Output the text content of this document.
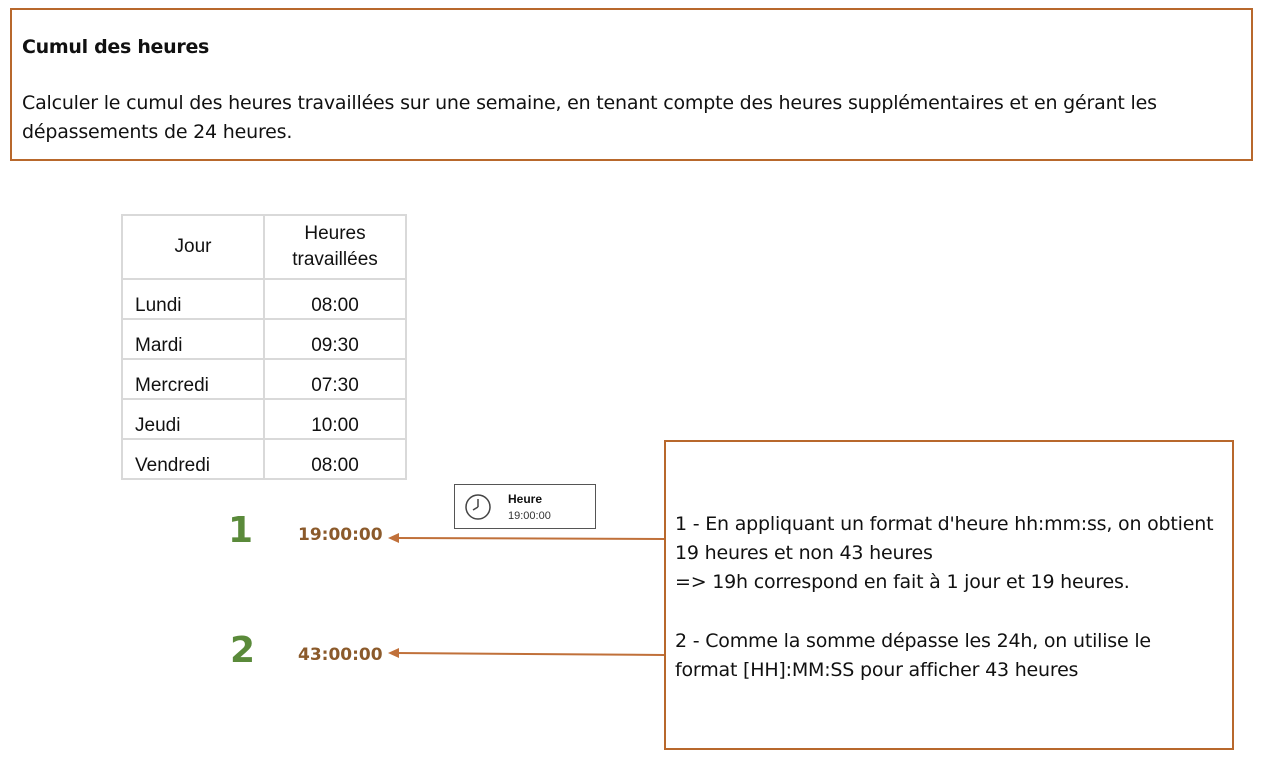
Cumul des heures
Calculer le cumul des heures travaillées sur une semaine, en tenant compte des heures supplémentaires et en gérant les dépassements de 24 heures.
Jour	Heures travaillées

Lundi	08:00
Mardi	09:30
Mercredi	07:30
Jeudi	10:00
Vendredi	08:00
Heure
19:00:00
1	19:00:00
2	43:00:00

1 - En appliquant un format d'heure hh:mm:ss, on obtient 19 heures et non 43 heures

=> 19h correspond en fait à 1 jour et 19 heures.

2 - Comme la somme dépasse les 24h, on utilise le format [HH]:MM:SS pour afficher 43 heures
